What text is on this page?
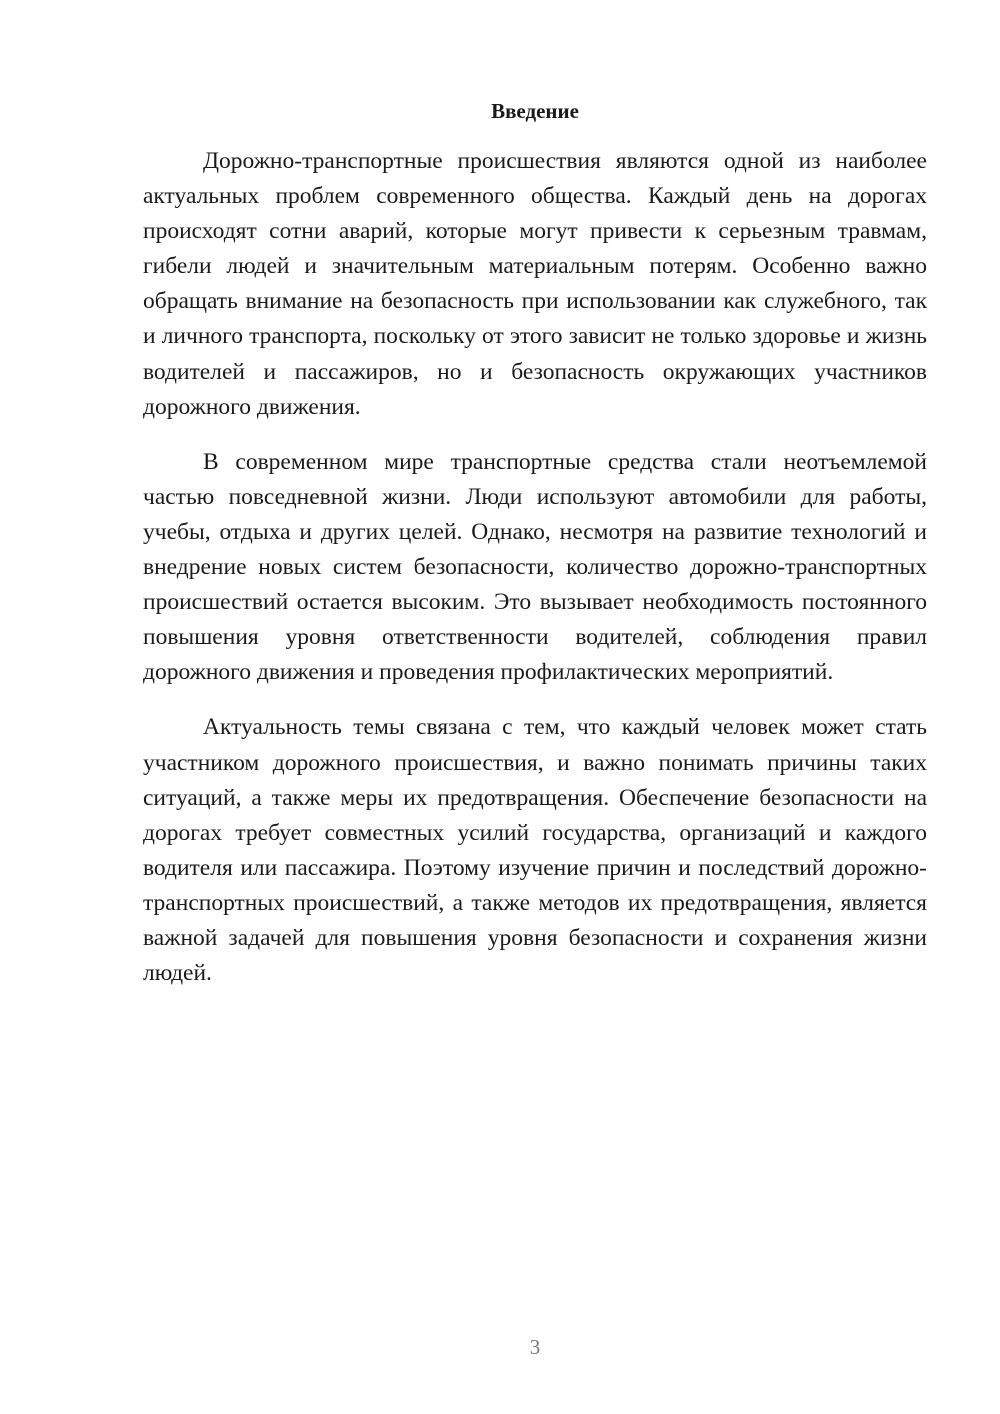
Введение

Дорожно-транспортные происшествия являются одной из наиболее актуальных проблем современного общества. Каждый день на дорогах происходят сотни аварий, которые могут привести к серьезным травмам, гибели людей и значительным материальным потерям. Особенно важно обращать внимание на безопасность при использовании как служебного, так и личного транспорта, поскольку от этого зависит не только здоровье и жизнь водителей и пассажиров, но и безопасность окружающих участников дорожного движения.

В современном мире транспортные средства стали неотъемлемой частью повседневной жизни. Люди используют автомобили для работы, учебы, отдыха и других целей. Однако, несмотря на развитие технологий и внедрение новых систем безопасности, количество дорожно-транспортных происшествий остается высоким. Это вызывает необходимость постоянного повышения уровня ответственности водителей, соблюдения правил дорожного движения и проведения профилактических мероприятий.

Актуальность темы связана с тем, что каждый человек может стать участником дорожного происшествия, и важно понимать причины таких ситуаций, а также меры их предотвращения. Обеспечение безопасности на дорогах требует совместных усилий государства, организаций и каждого водителя или пассажира. Поэтому изучение причин и последствий дорожно-транспортных происшествий, а также методов их предотвращения, является важной задачей для повышения уровня безопасности и сохранения жизни людей.

3
